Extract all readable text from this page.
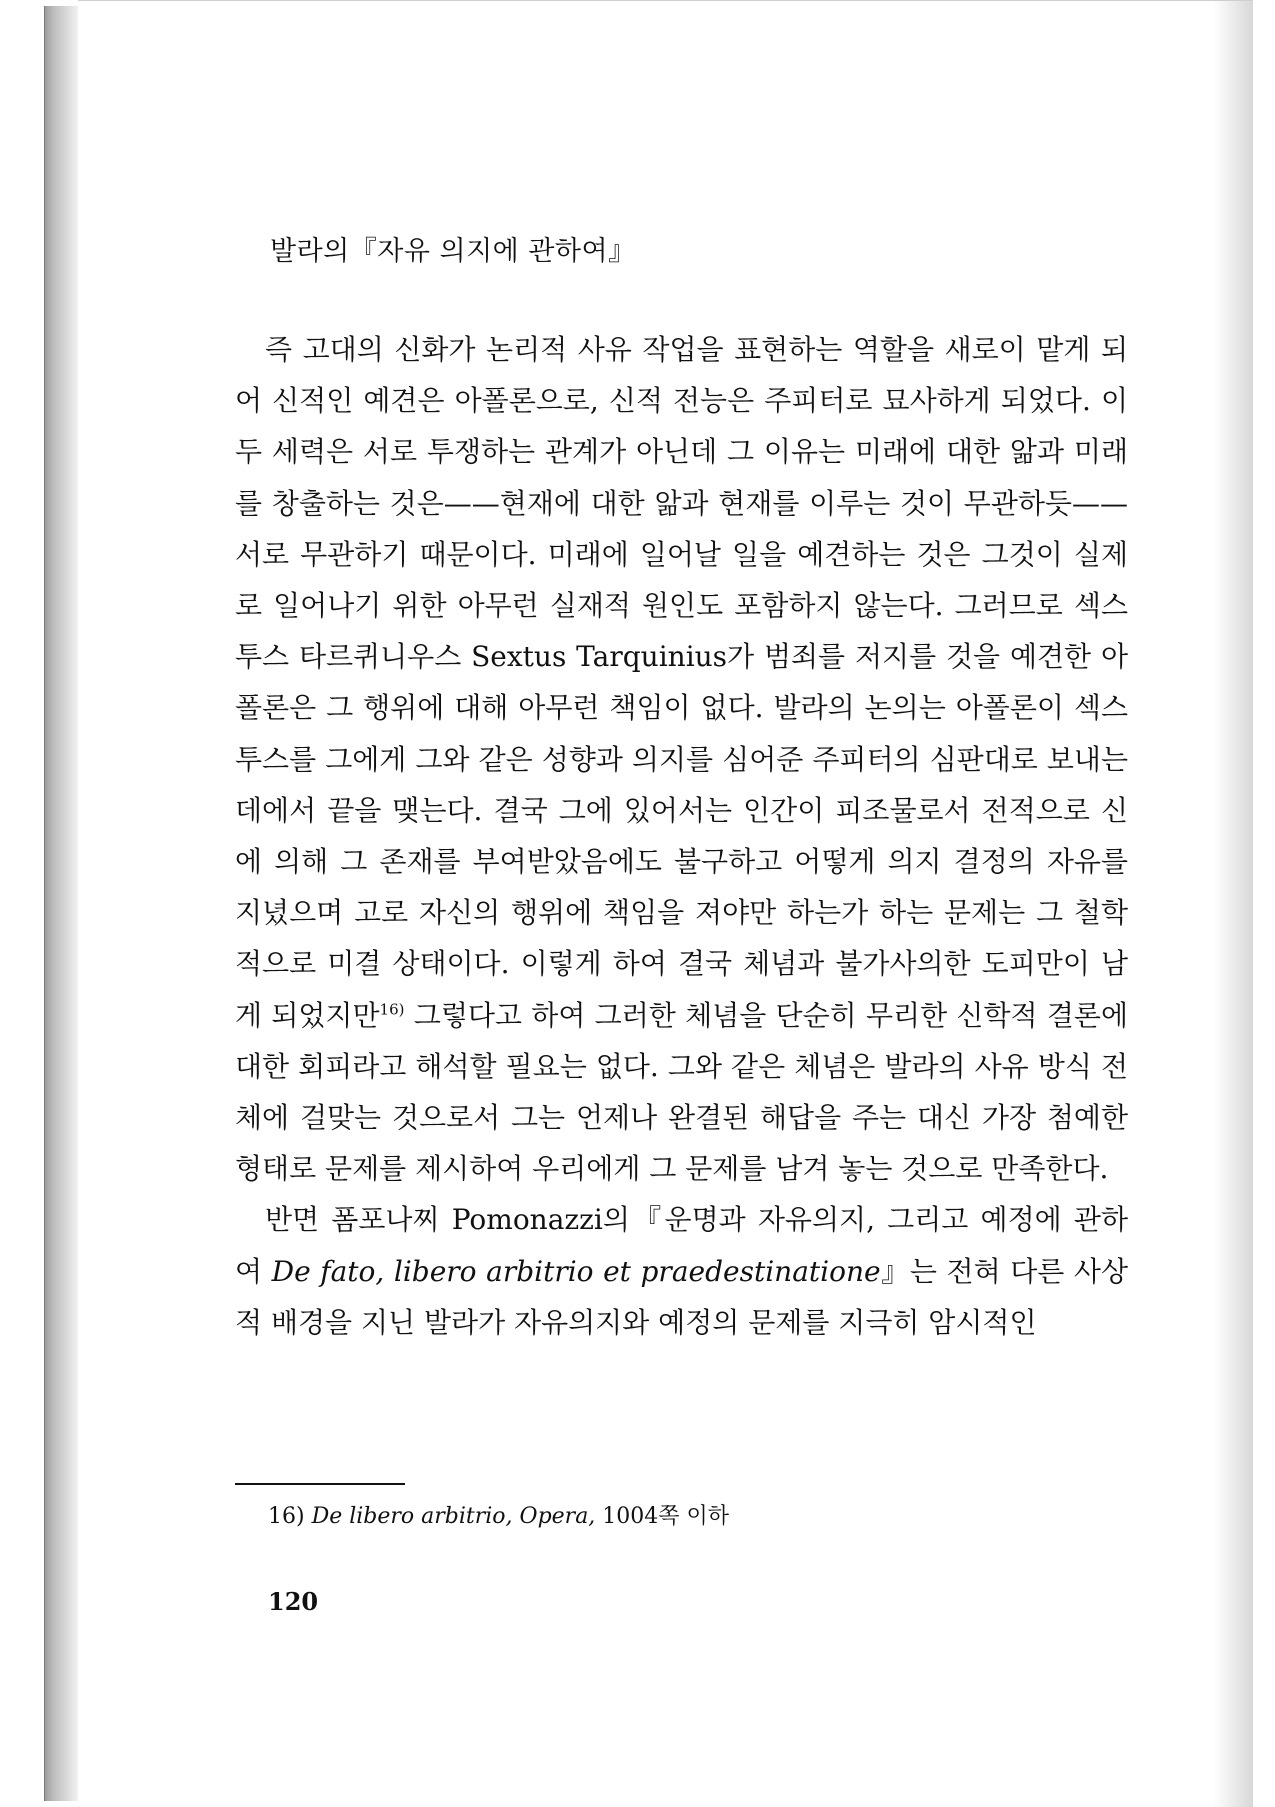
발라의『자유 의지에 관하여』

즉 고대의 신화가 논리적 사유 작업을 표현하는 역할을 새로이 맡게 되어 신적인 예견은 아폴론으로, 신적 전능은 주피터로 묘사하게 되었다. 이 두 세력은 서로 투쟁하는 관계가 아닌데 그 이유는 미래에 대한 앎과 미래를 창출하는 것은——현재에 대한 앎과 현재를 이루는 것이 무관하듯——서로 무관하기 때문이다. 미래에 일어날 일을 예견하는 것은 그것이 실제로 일어나기 위한 아무런 실재적 원인도 포함하지 않는다. 그러므로 섹스투스 타르퀴니우스 Sextus Tarquinius가 범죄를 저지를 것을 예견한 아폴론은 그 행위에 대해 아무런 책임이 없다. 발라의 논의는 아폴론이 섹스투스를 그에게 그와 같은 성향과 의지를 심어준 주피터의 심판대로 보내는 데에서 끝을 맺는다. 결국 그에 있어서는 인간이 피조물로서 전적으로 신에 의해 그 존재를 부여받았음에도 불구하고 어떻게 의지 결정의 자유를 지녔으며 고로 자신의 행위에 책임을 져야만 하는가 하는 문제는 그 철학적으로 미결 상태이다. 이렇게 하여 결국 체념과 불가사의한 도피만이 남게 되었지만$^{16)}$ 그렇다고 하여 그러한 체념을 단순히 무리한 신학적 결론에 대한 회피라고 해석할 필요는 없다. 그와 같은 체념은 발라의 사유 방식 전체에 걸맞는 것으로서 그는 언제나 완결된 해답을 주는 대신 가장 첨예한 형태로 문제를 제시하여 우리에게 그 문제를 남겨 놓는 것으로 만족한다.

반면 폼포나찌 Pomonazzi의『운명과 자유의지, 그리고 예정에 관하여 De fato, libero arbitrio et praedestinatione』는 전혀 다른 사상적 배경을 지닌 발라가 자유의지와 예정의 문제를 지극히 암시적인

16) De libero arbitrio, Opera, 1004쪽 이하
120
